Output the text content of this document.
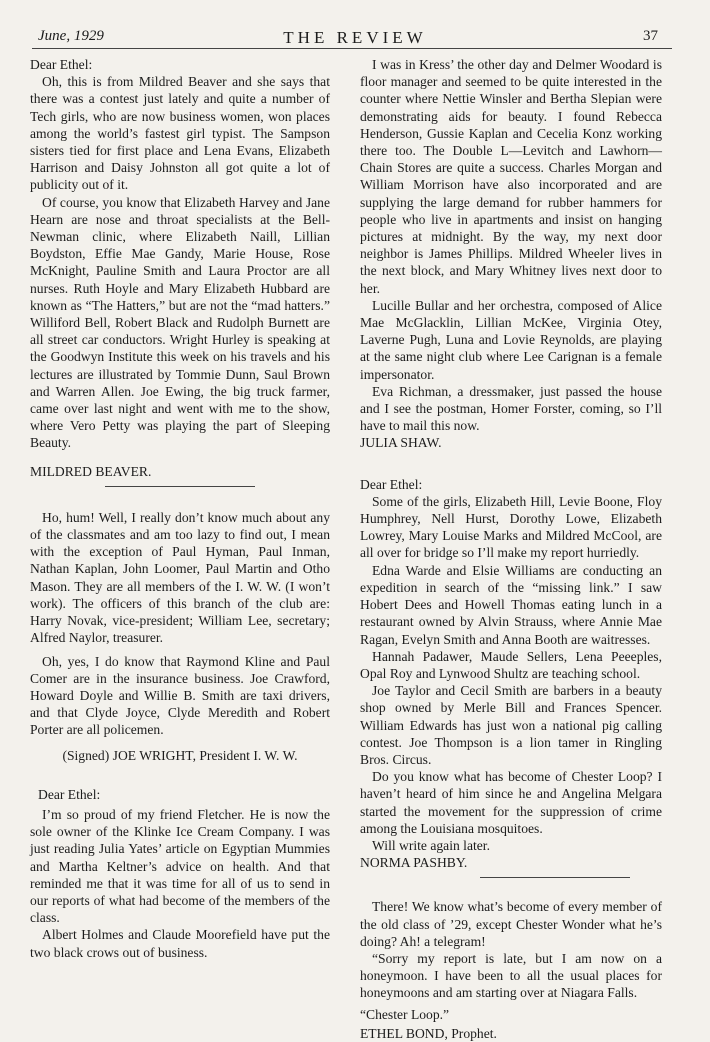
June, 1929	THE REVIEW	37

Dear Ethel:

Oh, this is from Mildred Beaver and she says that there was a contest just lately and quite a number of Tech girls, who are now business women, won places among the world’s fastest girl typist. The Sampson sisters tied for first place and Lena Evans, Elizabeth Harrison and Daisy Johnston all got quite a lot of publicity out of it.

Of course, you know that Elizabeth Harvey and Jane Hearn are nose and throat specialists at the Bell-Newman clinic, where Elizabeth Naill, Lillian Boydston, Effie Mae Gandy, Marie House, Rose McKnight, Pauline Smith and Laura Proctor are all nurses. Ruth Hoyle and Mary Elizabeth Hubbard are known as “The Hatters,” but are not the “mad hatters.” Williford Bell, Robert Black and Rudolph Burnett are all street car conductors. Wright Hurley is speaking at the Goodwyn Institute this week on his travels and his lectures are illustrated by Tommie Dunn, Saul Brown and Warren Allen. Joe Ewing, the big truck farmer, came over last night and went with me to the show, where Vero Petty was playing the part of Sleeping Beauty.

MILDRED BEAVER.

Ho, hum! Well, I really don’t know much about any of the classmates and am too lazy to find out, I mean with the exception of Paul Hyman, Paul Inman, Nathan Kaplan, John Loomer, Paul Martin and Otho Mason. They are all members of the I. W. W. (I won’t work). The officers of this branch of the club are: Harry Novak, vice-president; William Lee, secretary; Alfred Naylor, treasurer.

Oh, yes, I do know that Raymond Kline and Paul Comer are in the insurance business. Joe Crawford, Howard Doyle and Willie B. Smith are taxi drivers, and that Clyde Joyce, Clyde Meredith and Robert Porter are all policemen.

(Signed) JOE WRIGHT, President I. W. W.

Dear Ethel:

I’m so proud of my friend Fletcher. He is now the sole owner of the Klinke Ice Cream Company. I was just reading Julia Yates’ article on Egyptian Mummies and Martha Keltner’s advice on health. And that reminded me that it was time for all of us to send in our reports of what had become of the members of the class.

Albert Holmes and Claude Moorefield have put the two black crows out of business.

I was in Kress’ the other day and Delmer Woodard is floor manager and seemed to be quite interested in the counter where Nettie Winsler and Bertha Slepian were demonstrating aids for beauty. I found Rebecca Henderson, Gussie Kaplan and Cecelia Konz working there too. The Double L—Levitch and Lawhorn—Chain Stores are quite a success. Charles Morgan and William Morrison have also incorporated and are supplying the large demand for rubber hammers for people who live in apartments and insist on hanging pictures at midnight. By the way, my next door neighbor is James Phillips. Mildred Wheeler lives in the next block, and Mary Whitney lives next door to her.

Lucille Bullar and her orchestra, composed of Alice Mae McGlacklin, Lillian McKee, Virginia Otey, Laverne Pugh, Luna and Lovie Reynolds, are playing at the same night club where Lee Carignan is a female impersonator.

Eva Richman, a dressmaker, just passed the house and I see the postman, Homer Forster, coming, so I’ll have to mail this now.

JULIA SHAW.

Dear Ethel:

Some of the girls, Elizabeth Hill, Levie Boone, Floy Humphrey, Nell Hurst, Dorothy Lowe, Elizabeth Lowrey, Mary Louise Marks and Mildred McCool, are all over for bridge so I’ll make my report hurriedly.

Edna Warde and Elsie Williams are conducting an expedition in search of the “missing link.” I saw Hobert Dees and Howell Thomas eating lunch in a restaurant owned by Alvin Strauss, where Annie Mae Ragan, Evelyn Smith and Anna Booth are waitresses.

Hannah Padawer, Maude Sellers, Lena Peeeples, Opal Roy and Lynwood Shultz are teaching school.

Joe Taylor and Cecil Smith are barbers in a beauty shop owned by Merle Bill and Frances Spencer. William Edwards has just won a national pig calling contest. Joe Thompson is a lion tamer in Ringling Bros. Circus.

Do you know what has become of Chester Loop? I haven’t heard of him since he and Angelina Melgara started the movement for the suppression of crime among the Louisiana mosquitoes.

Will write again later.

NORMA PASHBY.

There! We know what’s become of every member of the old class of ’29, except Chester Wonder what he’s doing? Ah! a telegram!

“Sorry my report is late, but I am now on a honeymoon. I have been to all the usual places for honeymoons and am starting over at Niagara Falls.

“Chester Loop.”

ETHEL BOND, Prophet.
